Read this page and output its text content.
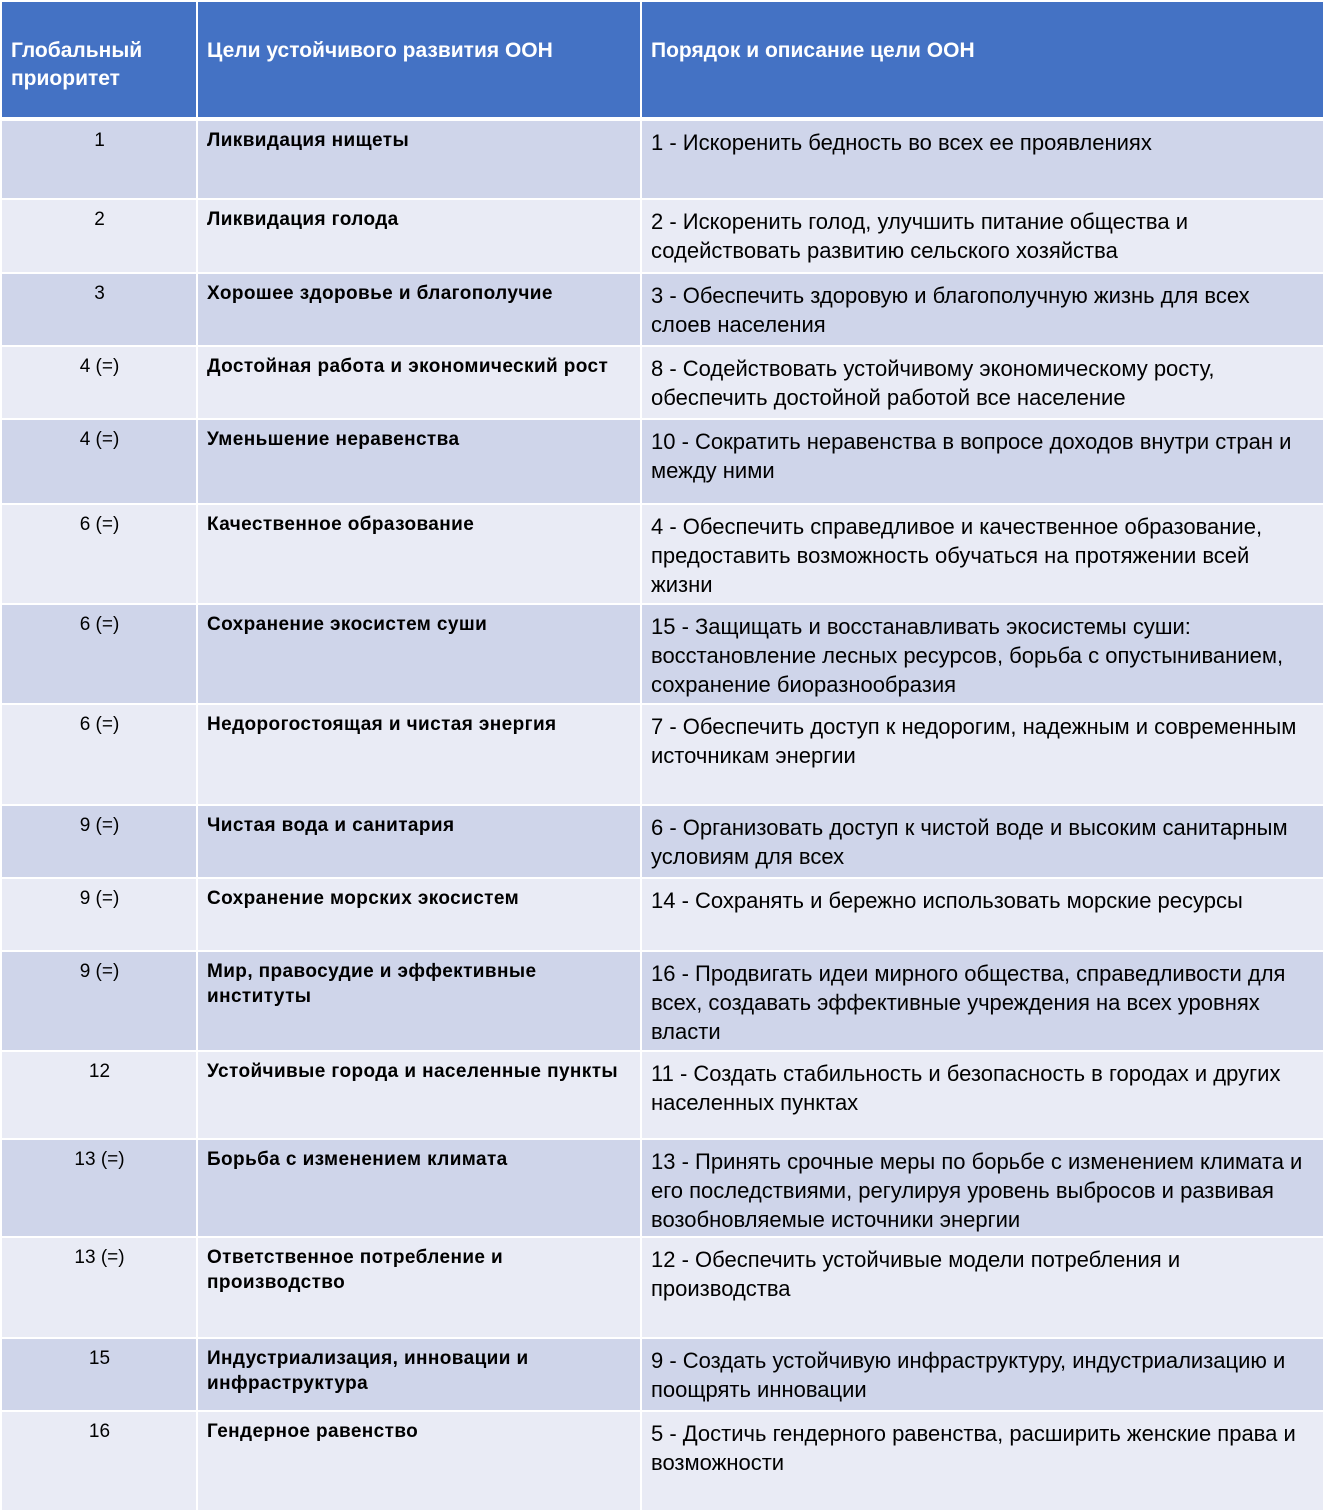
Глобальный приоритет	Цели устойчивого развития ООН	Порядок и описание цели ООН
1	Ликвидация нищеты	1 - Искоренить бедность во всех ее проявлениях
2	Ликвидация голода	2 - Искоренить голод, улучшить питание общества и содействовать развитию сельского хозяйства
3	Хорошее здоровье и благополучие	3 - Обеспечить здоровую и благополучную жизнь для всех слоев населения
4 (=)	Достойная работа и экономический рост	8 - Содействовать устойчивому экономическому росту, обеспечить достойной работой все население
4 (=)	Уменьшение неравенства	10 - Сократить неравенства в вопросе доходов внутри стран и между ними
6 (=)	Качественное образование	4 - Обеспечить справедливое и качественное образование, предоставить возможность обучаться на протяжении всей жизни
6 (=)	Сохранение экосистем суши	15 - Защищать и восстанавливать экосистемы суши: восстановление лесных ресурсов, борьба с опустыниванием, сохранение биоразнообразия
6 (=)	Недорогостоящая и чистая энергия	7 - Обеспечить доступ к недорогим, надежным и современным источникам энергии
9 (=)	Чистая вода и санитария	6 - Организовать доступ к чистой воде и высоким санитарным условиям для всех
9 (=)	Сохранение морских экосистем	14 - Сохранять и бережно использовать морские ресурсы
9 (=)	Мир, правосудие и эффективные институты	16 - Продвигать идеи мирного общества, справедливости для всех, создавать эффективные учреждения на всех уровнях власти
12	Устойчивые города и населенные пункты	11 - Создать стабильность и безопасность в городах и других населенных пунктах
13 (=)	Борьба с изменением климата	13 - Принять срочные меры по борьбе с изменением климата и его последствиями, регулируя уровень выбросов и развивая возобновляемые источники энергии
13 (=)	Ответственное потребление и производство	12 - Обеспечить устойчивые модели потребления и производства
15	Индустриализация, инновации и инфраструктура	9 - Создать устойчивую инфраструктуру, индустриализацию и поощрять инновации
16	Гендерное равенство	5 - Достичь гендерного равенства, расширить женские права и возможности
